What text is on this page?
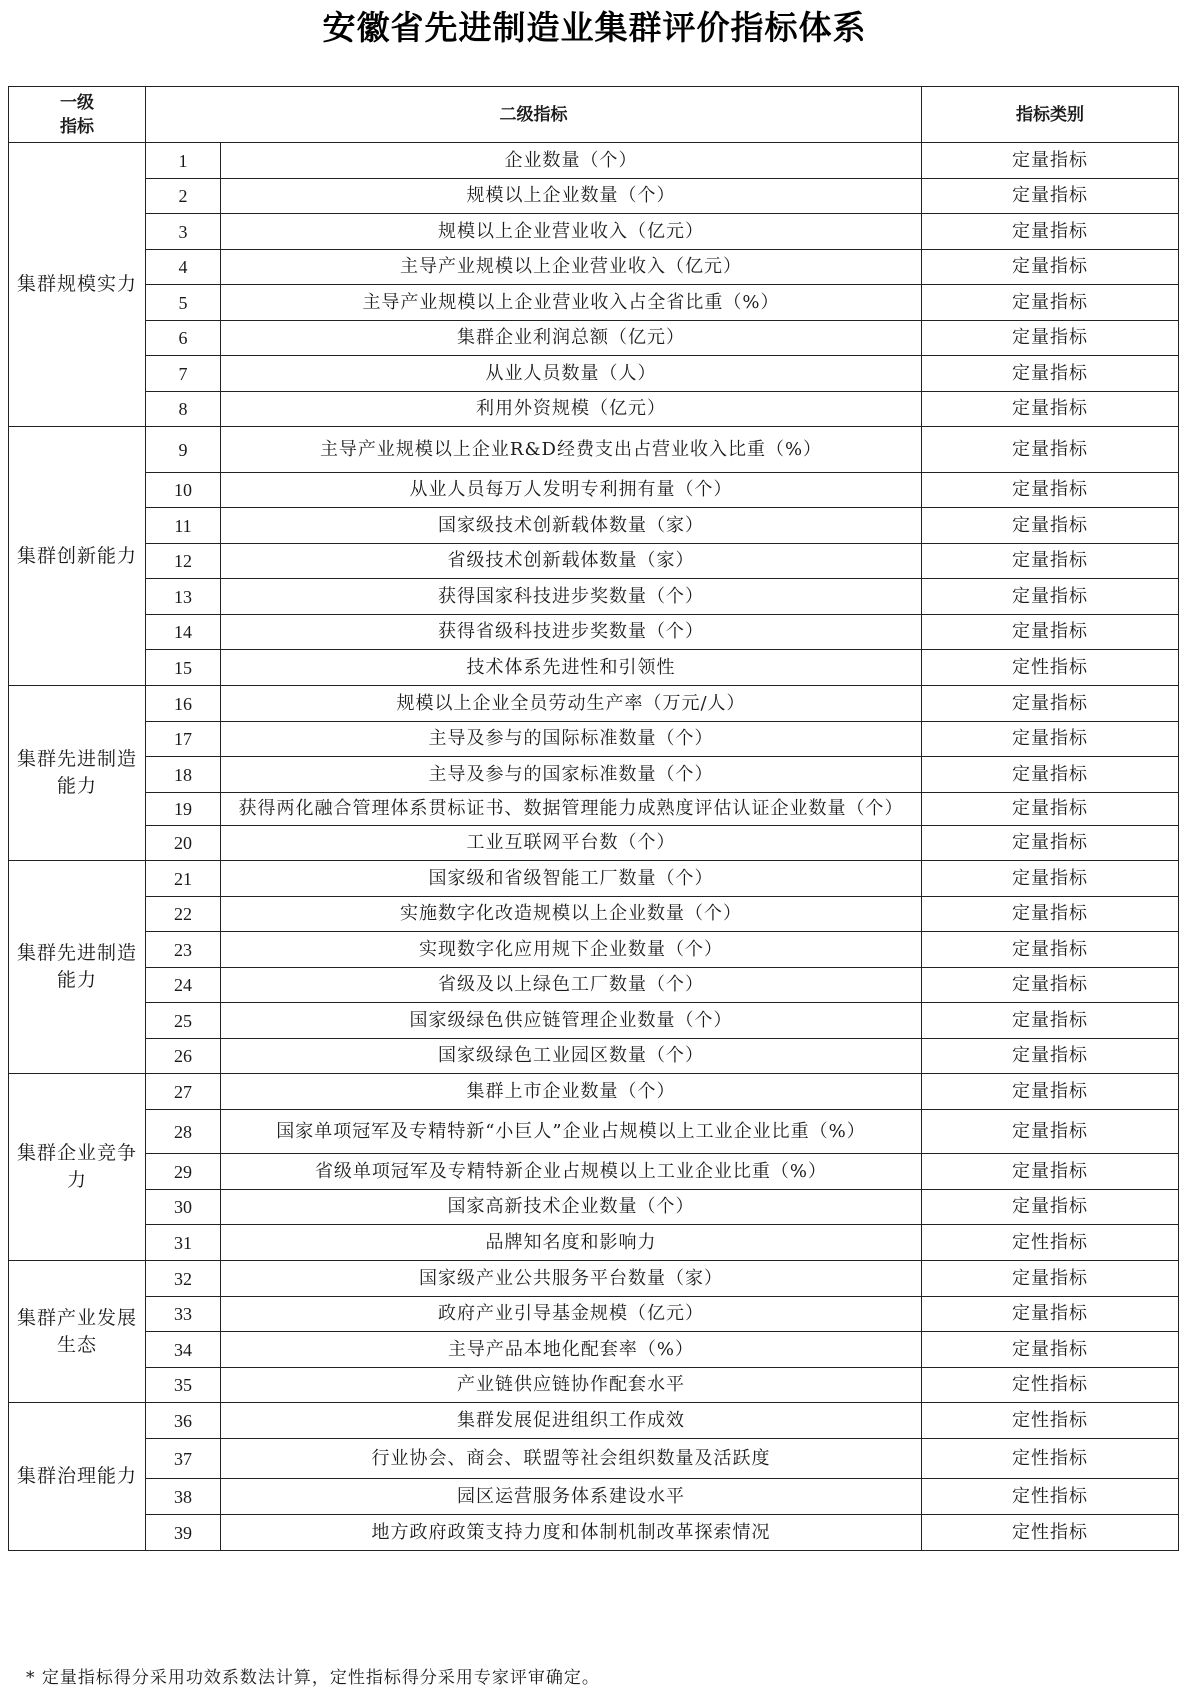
安徽省先进制造业集群评价指标体系
一级
指标	二级指标		指标类别

集群规模实力	1	企业数量（个）	定量指标
	2	规模以上企业数量（个）	定量指标
	3	规模以上企业营业收入（亿元）	定量指标
	4	主导产业规模以上企业营业收入（亿元）	定量指标
	5	主导产业规模以上企业营业收入占全省比重（%）	定量指标
	6	集群企业利润总额（亿元）	定量指标
	7	从业人员数量（人）	定量指标
	8	利用外资规模（亿元）	定量指标

集群创新能力	9	主导产业规模以上企业R&D经费支出占营业收入比重（%）	定量指标
	10	从业人员每万人发明专利拥有量（个）	定量指标
	11	国家级技术创新载体数量（家）	定量指标
	12	省级技术创新载体数量（家）	定量指标
	13	获得国家科技进步奖数量（个）	定量指标
	14	获得省级科技进步奖数量（个）	定量指标
	15	技术体系先进性和引领性	定性指标

集群先进制造
能力	16	规模以上企业全员劳动生产率（万元/人）	定量指标
	17	主导及参与的国际标准数量（个）	定量指标
	18	主导及参与的国家标准数量（个）	定量指标
	19	获得两化融合管理体系贯标证书、数据管理能力成熟度评估认证企业数量（个）	定量指标
	20	工业互联网平台数（个）	定量指标

集群先进制造
能力	21	国家级和省级智能工厂数量（个）	定量指标
	22	实施数字化改造规模以上企业数量（个）	定量指标
	23	实现数字化应用规下企业数量（个）	定量指标
	24	省级及以上绿色工厂数量（个）	定量指标
	25	国家级绿色供应链管理企业数量（个）	定量指标
	26	国家级绿色工业园区数量（个）	定量指标

集群企业竞争
力	27	集群上市企业数量（个）	定量指标
	28	国家单项冠军及专精特新“小巨人”企业占规模以上工业企业比重（%）	定量指标
	29	省级单项冠军及专精特新企业占规模以上工业企业比重（%）	定量指标
	30	国家高新技术企业数量（个）	定量指标
	31	品牌知名度和影响力	定性指标

集群产业发展
生态	32	国家级产业公共服务平台数量（家）	定量指标
	33	政府产业引导基金规模（亿元）	定量指标
	34	主导产品本地化配套率（%）	定量指标
	35	产业链供应链协作配套水平	定性指标

集群治理能力	36	集群发展促进组织工作成效	定性指标
	37	行业协会、商会、联盟等社会组织数量及活跃度	定性指标
	38	园区运营服务体系建设水平	定性指标
	39	地方政府政策支持力度和体制机制改革探索情况	定性指标
* 定量指标得分采用功效系数法计算，定性指标得分采用专家评审确定。
